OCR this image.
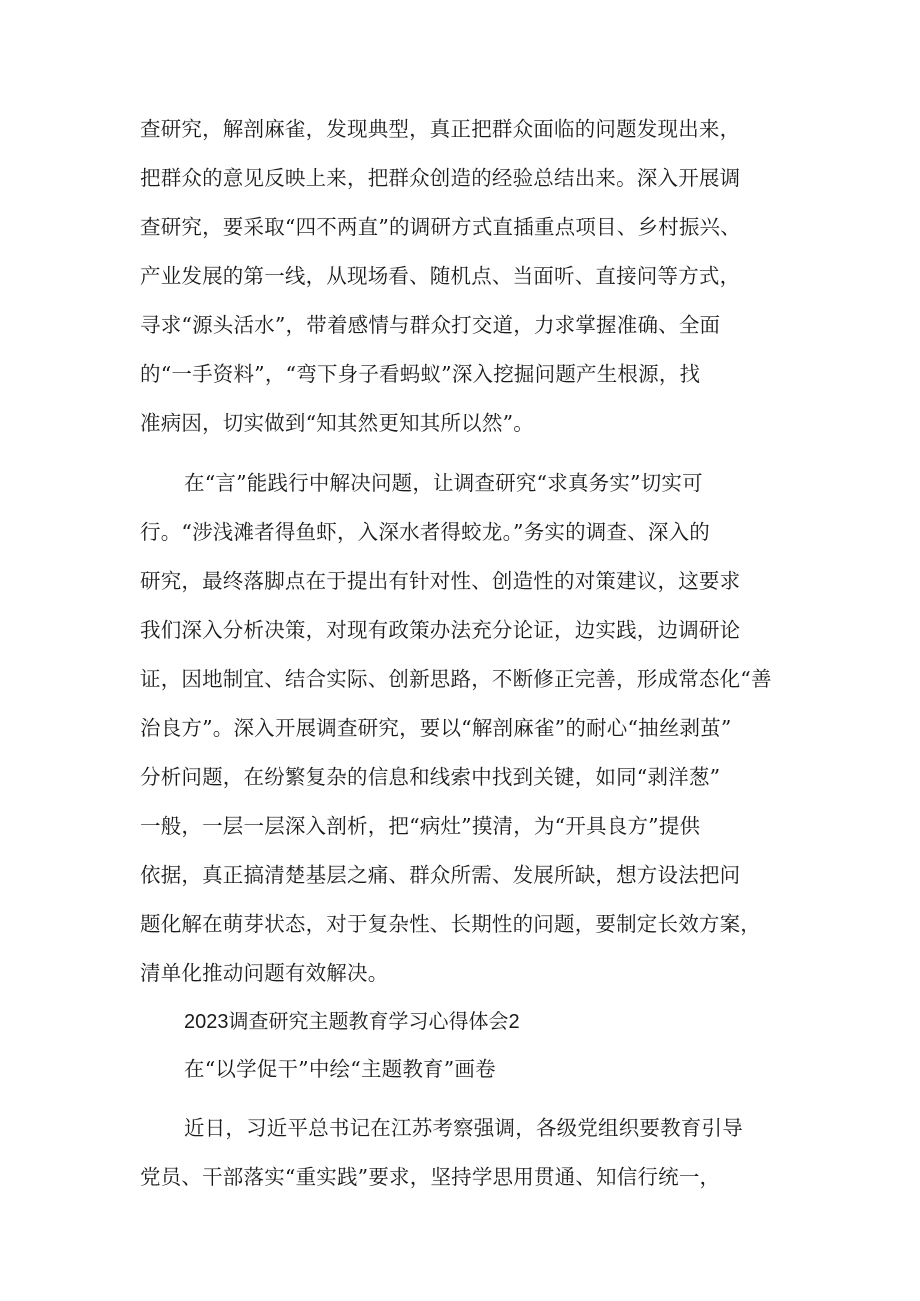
查研究，解剖麻雀，发现典型，真正把群众面临的问题发现出来，
把群众的意见反映上来，把群众创造的经验总结出来。深入开展调
查研究，要采取“四不两直”的调研方式直插重点项目、乡村振兴、
产业发展的第一线，从现场看、随机点、当面听、直接问等方式，
寻求“源头活水”，带着感情与群众打交道，力求掌握准确、全面
的“一手资料”，“弯下身子看蚂蚁”深入挖掘问题产生根源，找
准病因，切实做到“知其然更知其所以然”。
在“言”能践行中解决问题，让调查研究“求真务实”切实可
行。“涉浅滩者得鱼虾，入深水者得蛟龙。”务实的调查、深入的
研究，最终落脚点在于提出有针对性、创造性的对策建议，这要求
我们深入分析决策，对现有政策办法充分论证，边实践，边调研论
证，因地制宜、结合实际、创新思路，不断修正完善，形成常态化“善
治良方”。深入开展调查研究，要以“解剖麻雀”的耐心“抽丝剥茧”
分析问题，在纷繁复杂的信息和线索中找到关键，如同“剥洋葱”
一般，一层一层深入剖析，把“病灶”摸清，为“开具良方”提供
依据，真正搞清楚基层之痛、群众所需、发展所缺，想方设法把问
题化解在萌芽状态，对于复杂性、长期性的问题，要制定长效方案，
清单化推动问题有效解决。
2023调查研究主题教育学习心得体会2
在“以学促干”中绘“主题教育”画卷
近日，习近平总书记在江苏考察强调，各级党组织要教育引导
党员、干部落实“重实践”要求，坚持学思用贯通、知信行统一，
